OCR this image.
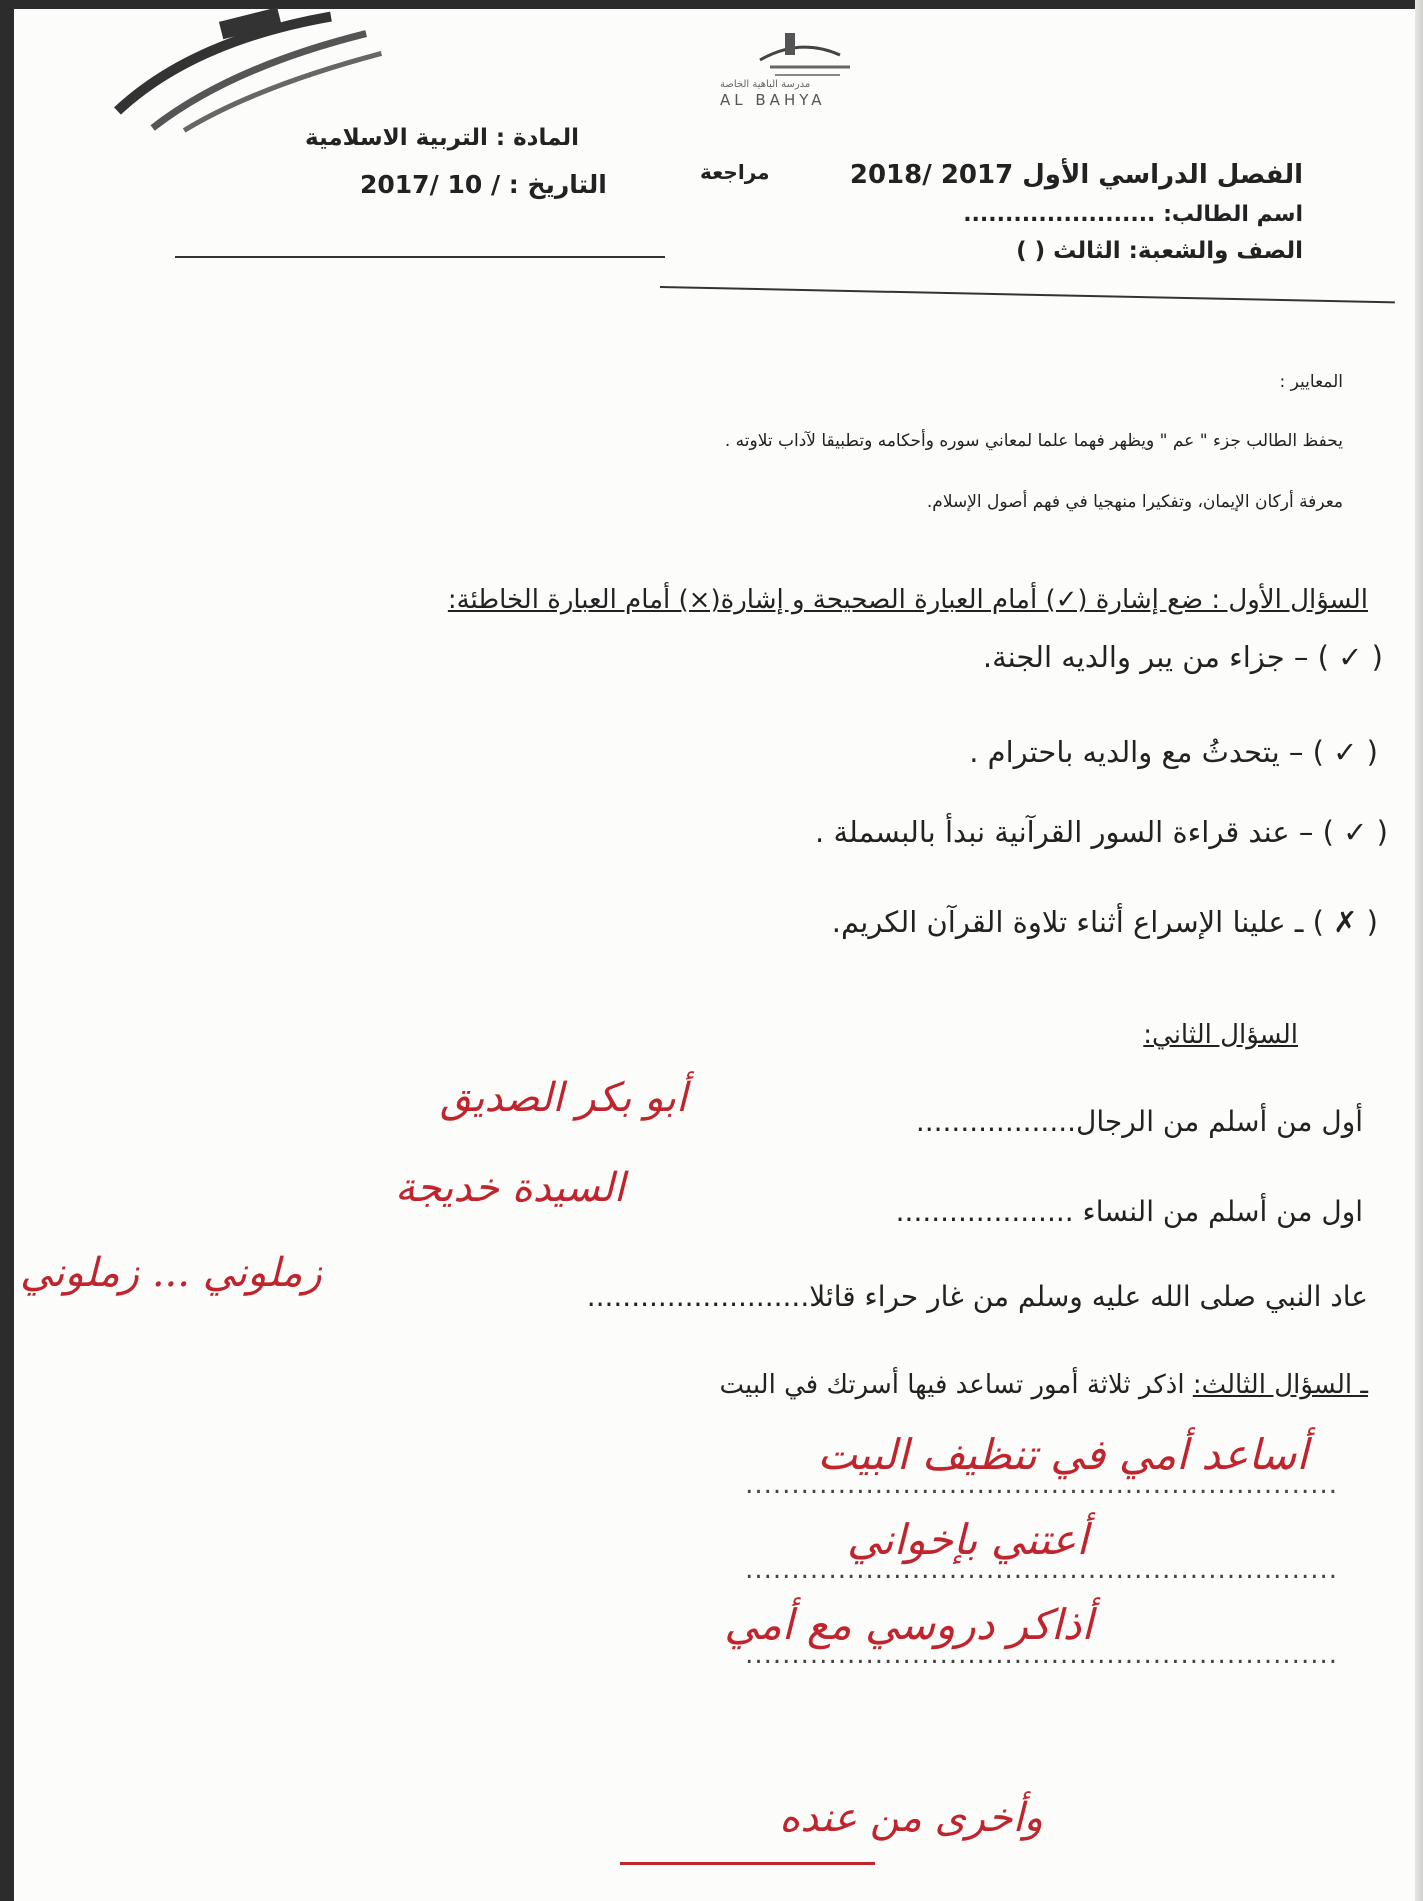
مدرسة الباهية الخاصة
AL BAHYA
الفصل الدراسي الأول 2017 /2018
اسم الطالب: .......................
الصف والشعبة: الثالث ( )
مراجعة
المادة : التربية الاسلامية
التاريخ : / 10 /2017
المعايير :
يحفظ الطالب جزء " عم " ويظهر فهما علما لمعاني سوره وأحكامه وتطبيقا لآداب تلاوته .
معرفة أركان الإيمان، وتفكيرا منهجيا في فهم أصول الإسلام.
السؤال الأول : ضع إشارة (✓) أمام العبارة الصحيحة و إشارة(×) أمام العبارة الخاطئة:
( ✓ ) – جزاء من يبر والديه الجنة.
( ✓ ) – يتحدثُ مع والديه باحترام .
( ✓ ) – عند قراءة السور القرآنية نبدأ بالبسملة .
( ✗ ) ـ علينا الإسراع أثناء تلاوة القرآن الكريم.
السؤال الثاني:
أول من أسلم من الرجال..................
أبو بكر الصديق
اول من أسلم من النساء ....................
السيدة خديجة
عاد النبي صلى الله عليه وسلم من غار حراء قائلا.........................
زملوني ... زملوني
ـ السؤال الثالث: اذكر ثلاثة أمور تساعد فيها أسرتك في البيت
................................................................
أساعد أمي في تنظيف البيت
................................................................
أعتني بإخواني
................................................................
أذاكر دروسي مع أمي
وأخرى من عنده
